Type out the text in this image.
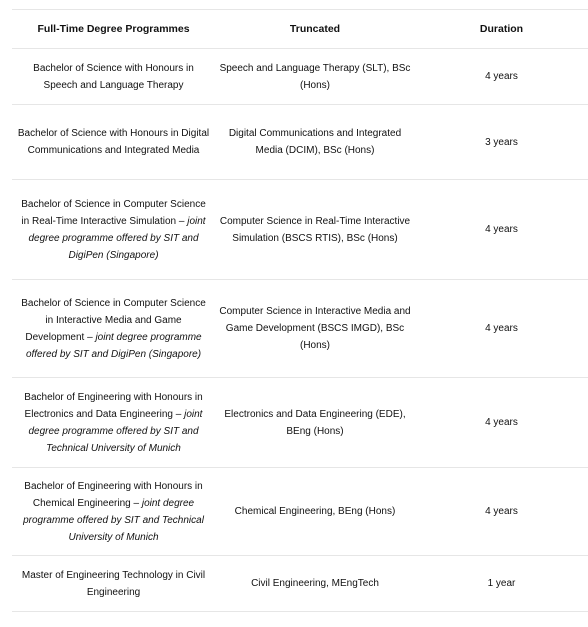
Full-Time Degree Programmes	Truncated	Duration
Bachelor of Science with Honours in Speech and Language Therapy	Speech and Language Therapy (SLT), BSc (Hons)	4 years
Bachelor of Science with Honours in Digital Communications and Integrated Media	Digital Communications and Integrated Media (DCIM), BSc (Hons)	3 years
Bachelor of Science in Computer Science in Real-Time Interactive Simulation – joint degree programme offered by SIT and DigiPen (Singapore)	Computer Science in Real-Time Interactive Simulation (BSCS RTIS), BSc (Hons)	4 years
Bachelor of Science in Computer Science in Interactive Media and Game Development – joint degree programme offered by SIT and DigiPen (Singapore)	Computer Science in Interactive Media and Game Development (BSCS IMGD), BSc (Hons)	4 years
Bachelor of Engineering with Honours in Electronics and Data Engineering – joint degree programme offered by SIT and Technical University of Munich	Electronics and Data Engineering (EDE), BEng (Hons)	4 years
Bachelor of Engineering with Honours in Chemical Engineering – joint degree programme offered by SIT and Technical University of Munich	Chemical Engineering, BEng (Hons)	4 years
Master of Engineering Technology in Civil Engineering	Civil Engineering, MEngTech	1 year
